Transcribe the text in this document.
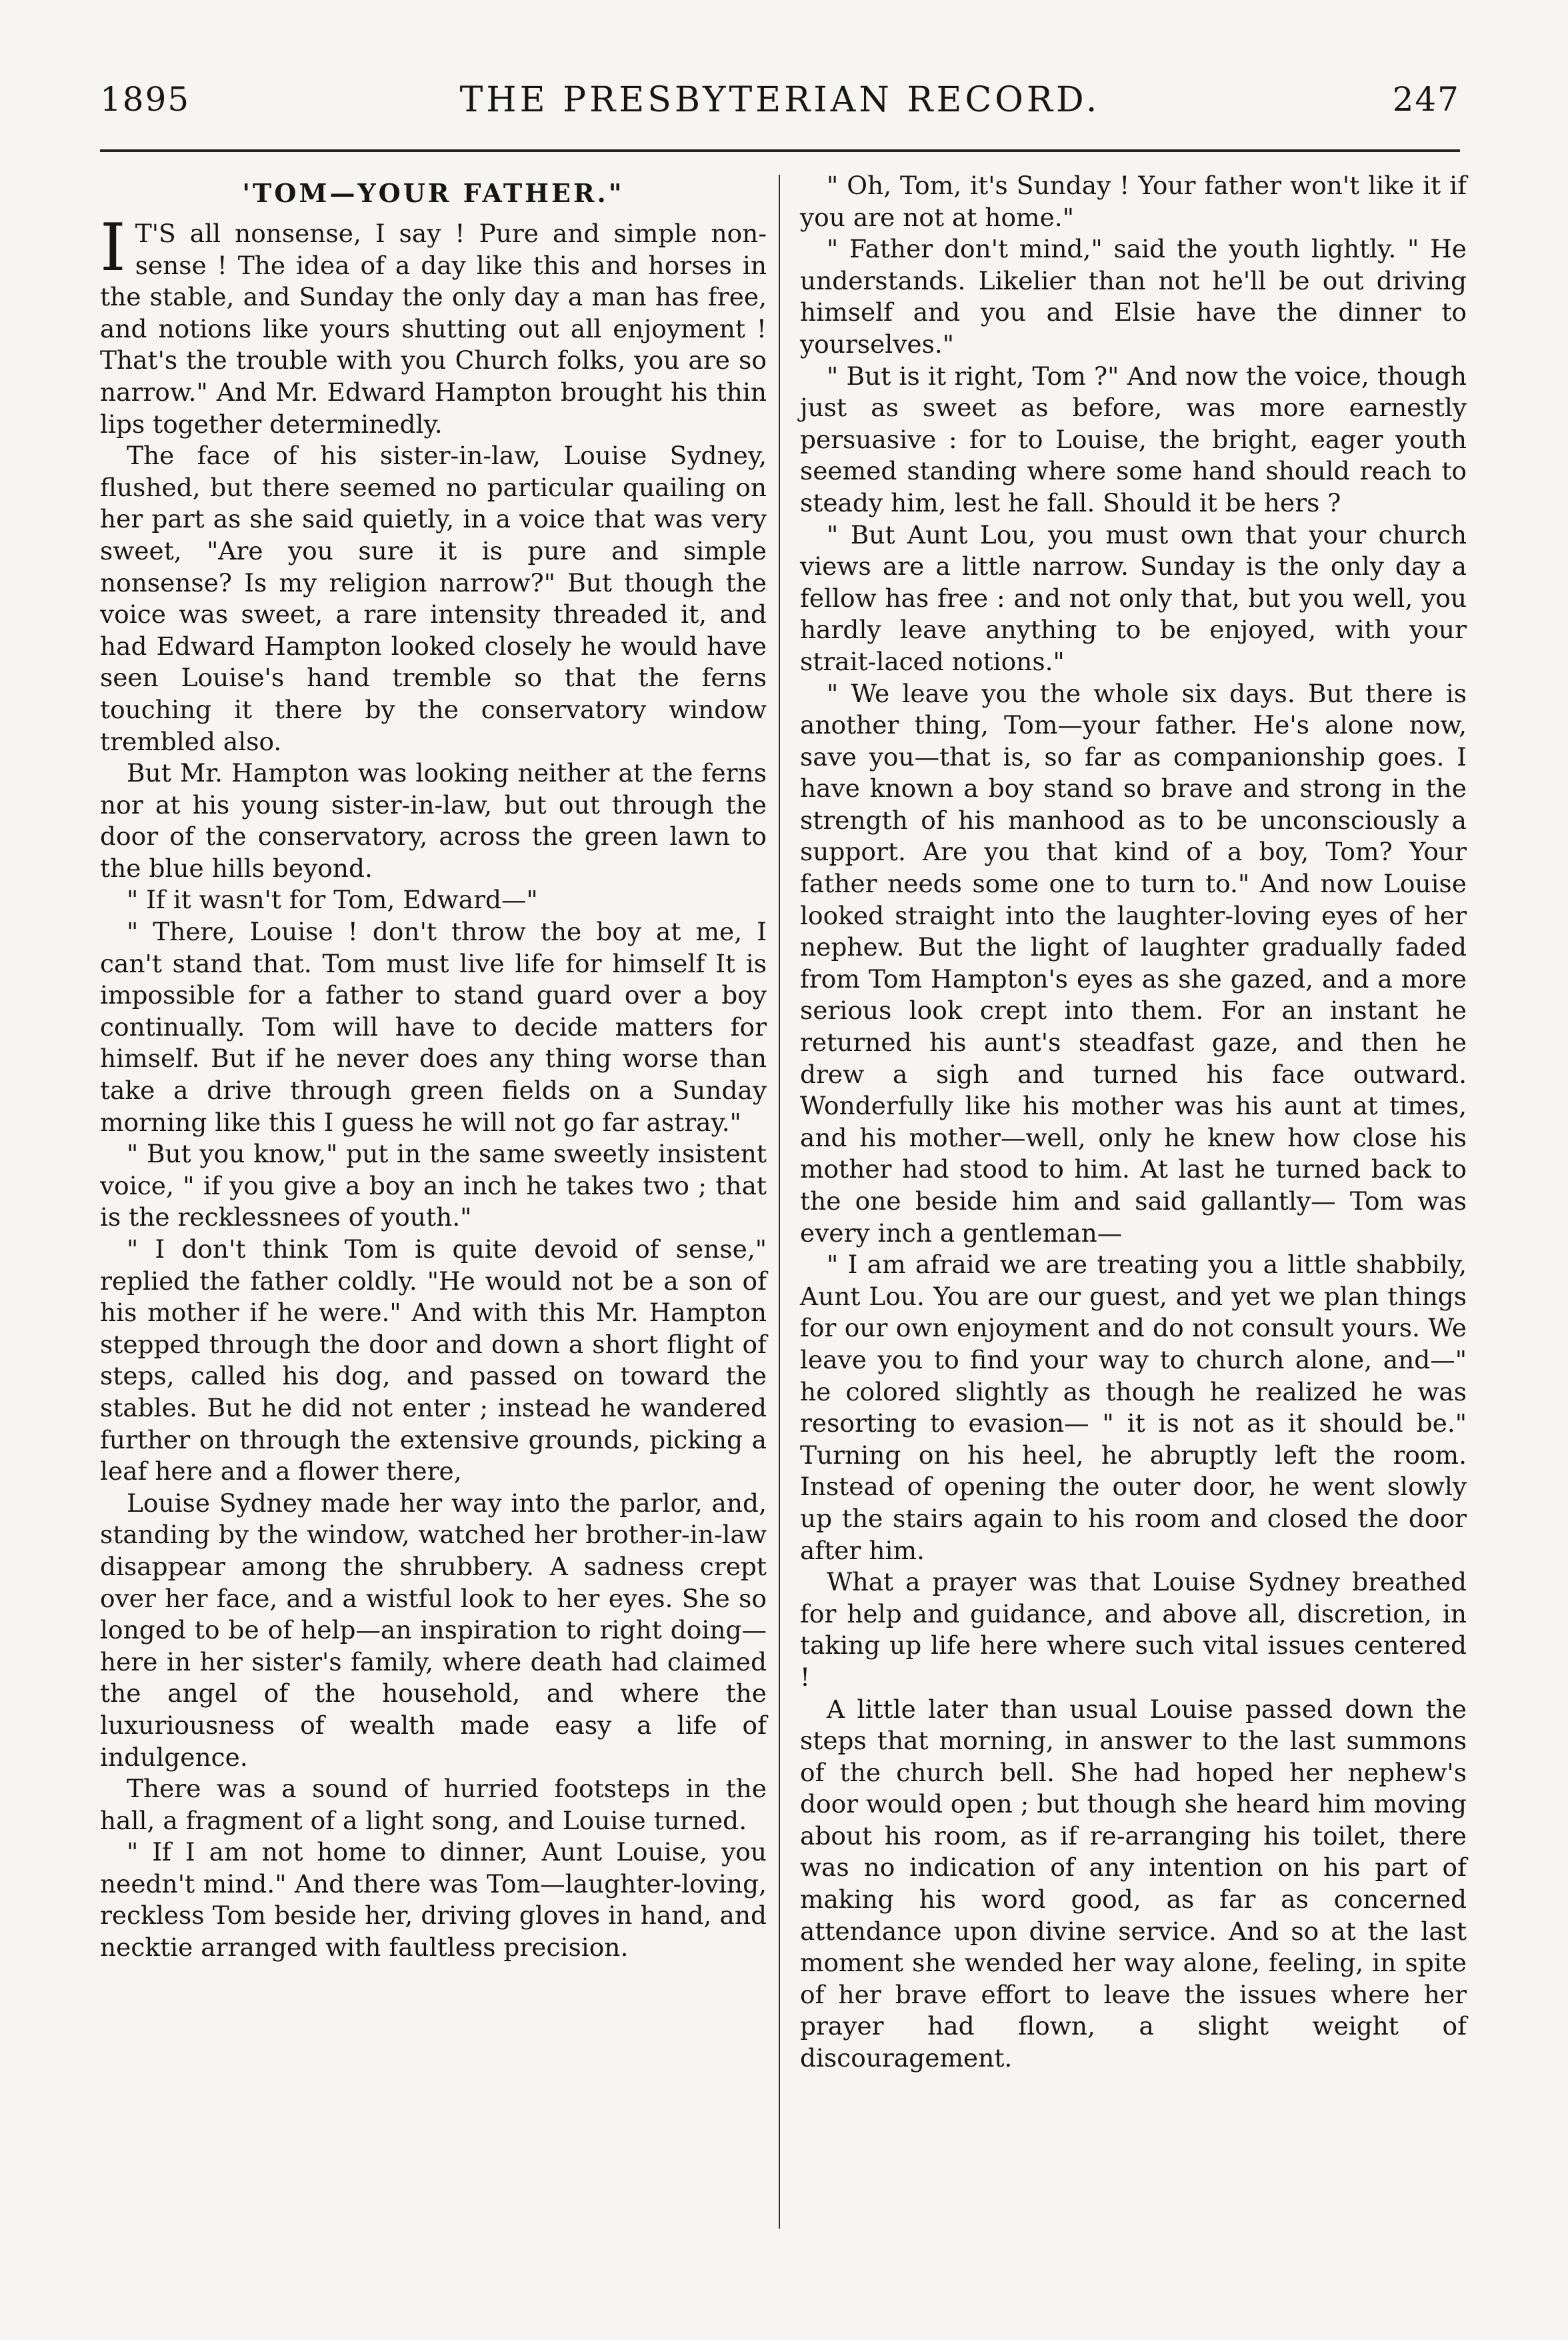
1895	THE PRESBYTERIAN RECORD.	247
'TOM—YOUR FATHER."

I T'S all nonsense, I say ! Pure and simple non-sense ! The idea of a day like this and horses in the stable, and Sunday the only day a man has free, and notions like yours shutting out all enjoyment ! That's the trouble with you Church folks, you are so narrow." And Mr. Edward Hampton brought his thin lips together determinedly.

The face of his sister-in-law, Louise Sydney, flushed, but there seemed no particular quailing on her part as she said quietly, in a voice that was very sweet, "Are you sure it is pure and simple nonsense? Is my religion narrow?" But though the voice was sweet, a rare intensity threaded it, and had Edward Hampton looked closely he would have seen Louise's hand tremble so that the ferns touching it there by the conservatory window trembled also.

But Mr. Hampton was looking neither at the ferns nor at his young sister-in-law, but out through the door of the conservatory, across the green lawn to the blue hills beyond.

" If it wasn't for Tom, Edward—"

" There, Louise ! don't throw the boy at me, I can't stand that. Tom must live life for himself It is impossible for a father to stand guard over a boy continually. Tom will have to decide matters for himself. But if he never does any thing worse than take a drive through green fields on a Sunday morning like this I guess he will not go far astray."

" But you know," put in the same sweetly insistent voice, " if you give a boy an inch he takes two ; that is the recklessnees of youth."

" I don't think Tom is quite devoid of sense," replied the father coldly. "He would not be a son of his mother if he were." And with this Mr. Hampton stepped through the door and down a short flight of steps, called his dog, and passed on toward the stables. But he did not enter ; instead he wandered further on through the extensive grounds, picking a leaf here and a flower there,

Louise Sydney made her way into the parlor, and, standing by the window, watched her brother-in-law disappear among the shrubbery. A sadness crept over her face, and a wistful look to her eyes. She so longed to be of help—an inspiration to right doing—here in her sister's family, where death had claimed the angel of the household, and where the luxuriousness of wealth made easy a life of indulgence.

There was a sound of hurried footsteps in the hall, a fragment of a light song, and Louise turned.

" If I am not home to dinner, Aunt Louise, you needn't mind." And there was Tom—laughter-loving, reckless Tom beside her, driving gloves in hand, and necktie arranged with faultless precision.

" Oh, Tom, it's Sunday ! Your father won't like it if you are not at home."

" Father don't mind," said the youth lightly. " He understands. Likelier than not he'll be out driving himself and you and Elsie have the dinner to yourselves."

" But is it right, Tom ?" And now the voice, though just as sweet as before, was more earnestly persuasive : for to Louise, the bright, eager youth seemed standing where some hand should reach to steady him, lest he fall. Should it be hers ?

" But Aunt Lou, you must own that your church views are a little narrow. Sunday is the only day a fellow has free : and not only that, but you well, you hardly leave anything to be enjoyed, with your strait-laced notions."

" We leave you the whole six days. But there is another thing, Tom—your father. He's alone now, save you—that is, so far as companionship goes. I have known a boy stand so brave and strong in the strength of his manhood as to be unconsciously a support. Are you that kind of a boy, Tom? Your father needs some one to turn to." And now Louise looked straight into the laughter-loving eyes of her nephew. But the light of laughter gradually faded from Tom Hampton's eyes as she gazed, and a more serious look crept into them. For an instant he returned his aunt's steadfast gaze, and then he drew a sigh and turned his face outward. Wonderfully like his mother was his aunt at times, and his mother—well, only he knew how close his mother had stood to him. At last he turned back to the one beside him and said gallantly— Tom was every inch a gentleman—

" I am afraid we are treating you a little shabbily, Aunt Lou. You are our guest, and yet we plan things for our own enjoyment and do not consult yours. We leave you to find your way to church alone, and—" he colored slightly as though he realized he was resorting to evasion— " it is not as it should be." Turning on his heel, he abruptly left the room. Instead of opening the outer door, he went slowly up the stairs again to his room and closed the door after him.

What a prayer was that Louise Sydney breathed for help and guidance, and above all, discretion, in taking up life here where such vital issues centered !

A little later than usual Louise passed down the steps that morning, in answer to the last summons of the church bell. She had hoped her nephew's door would open ; but though she heard him moving about his room, as if re-arranging his toilet, there was no indication of any intention on his part of making his word good, as far as concerned attendance upon divine service. And so at the last moment she wended her way alone, feeling, in spite of her brave effort to leave the issues where her prayer had flown, a slight weight of discouragement.
